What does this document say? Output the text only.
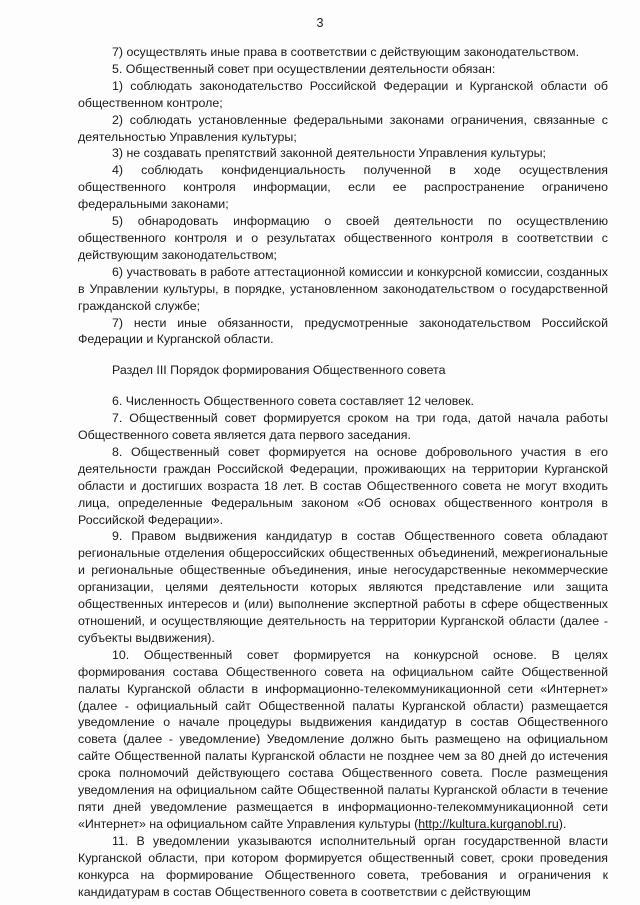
3

7) осуществлять иные права в соответствии с действующим законодательством.

5. Общественный совет при осуществлении деятельности обязан:

1) соблюдать законодательство Российской Федерации и Курганской области об общественном контроле;

2) соблюдать установленные федеральными законами ограничения, связанные с деятельностью Управления культуры;

3) не создавать препятствий законной деятельности Управления культуры;

4) соблюдать конфиденциальность полученной в ходе осуществления общественного контроля информации, если ее распространение ограничено федеральными законами;

5) обнародовать информацию о своей деятельности по осуществлению общественного контроля и о результатах общественного контроля в соответствии с действующим законодательством;

6) участвовать в работе аттестационной комиссии и конкурсной комиссии, созданных в Управлении культуры, в порядке, установленном законодательством о государственной гражданской службе;

7) нести иные обязанности, предусмотренные законодательством Российской Федерации и Курганской области.

Раздел III Порядок формирования Общественного совета

6. Численность Общественного совета составляет 12 человек.

7. Общественный совет формируется сроком на три года, датой начала работы Общественного совета является дата первого заседания.

8. Общественный совет формируется на основе добровольного участия в его деятельности граждан Российской Федерации, проживающих на территории Курганской области и достигших возраста 18 лет. В состав Общественного совета не могут входить лица, определенные Федеральным законом «Об основах общественного контроля в Российской Федерации».

9. Правом выдвижения кандидатур в состав Общественного совета обладают региональные отделения общероссийских общественных объединений, межрегиональные и региональные общественные объединения, иные негосударственные некоммерческие организации, целями деятельности которых являются представление или защита общественных интересов и (или) выполнение экспертной работы в сфере общественных отношений, и осуществляющие деятельность на территории Курганской области (далее - субъекты выдвижения).

10. Общественный совет формируется на конкурсной основе. В целях формирования состава Общественного совета на официальном сайте Общественной палаты Курганской области в информационно-телекоммуникационной сети «Интернет» (далее - официальный сайт Общественной палаты Курганской области) размещается уведомление о начале процедуры выдвижения кандидатур в состав Общественного совета (далее - уведомление) Уведомление должно быть размещено на официальном сайте Общественной палаты Курганской области не позднее чем за 80 дней до истечения срока полномочий действующего состава Общественного совета. После размещения уведомления на официальном сайте Общественной палаты Курганской области в течение пяти дней уведомление размещается в информационно-телекоммуникационной сети «Интернет» на официальном сайте Управления культуры (http://kultura.kurganobl.ru).

11. В уведомлении указываются исполнительный орган государственной власти Курганской области, при котором формируется общественный совет, сроки проведения конкурса на формирование Общественного совета, требования и ограничения к кандидатурам в состав Общественного совета в соответствии с действующим
